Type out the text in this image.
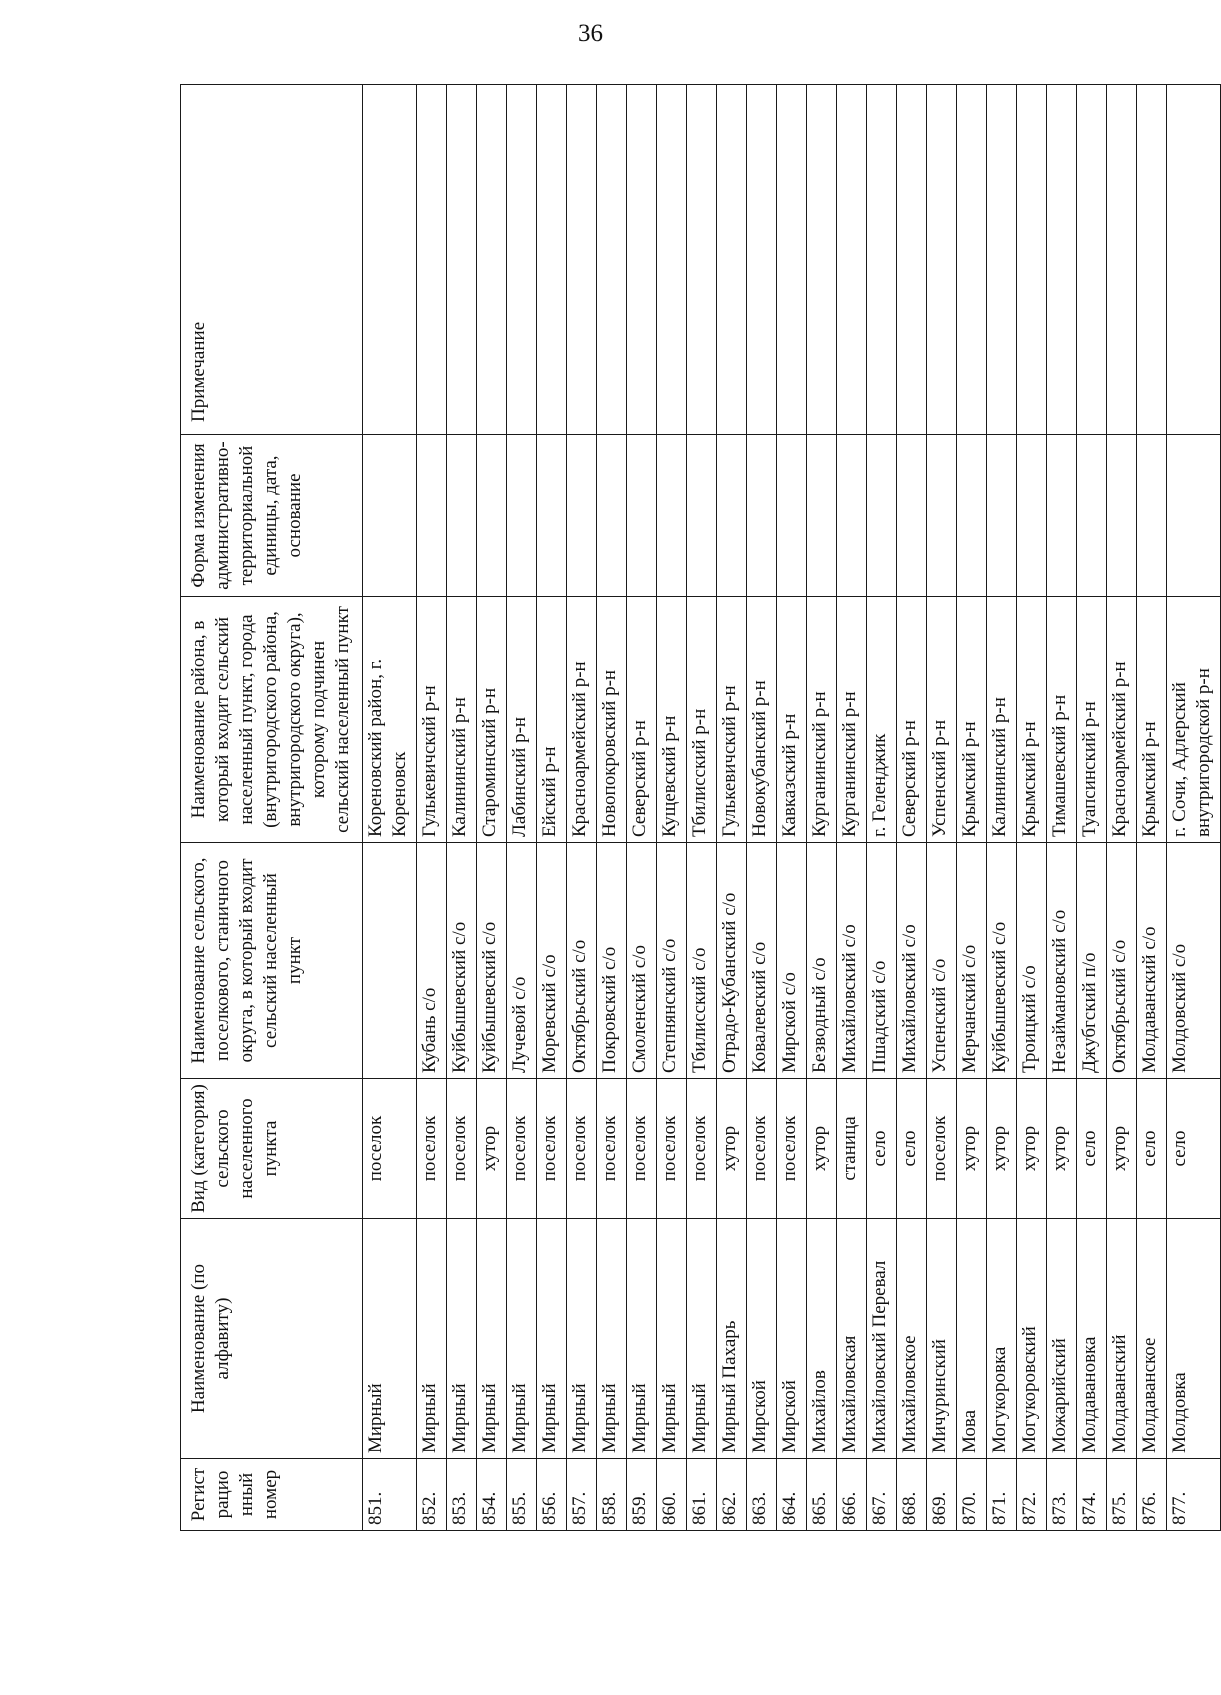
36
Регист рацио нный номер	Наименование (по алфавиту)	Вид (категория) сельского населенного пункта	Наименование сельского, поселкового, станичного округа, в который входит сельский населенный пункт	Наименование района, в который входит сельский населенный пункт, города (внутригородского района, внутригородского округа), которому подчинен сельский населенный пункт	Форма изменения административно-территориальной единицы, дата, основание	Примечание
851.	Мирный	поселок		Кореновский район, г. Кореновск		
852.	Мирный	поселок	Кубань с/о	Гулькевичский р-н		
853.	Мирный	поселок	Куйбышевский с/о	Калининский р-н		
854.	Мирный	хутор	Куйбышевский с/о	Староминский р-н		
855.	Мирный	поселок	Лучевой с/о	Лабинский р-н		
856.	Мирный	поселок	Моревский с/о	Ейский р-н		
857.	Мирный	поселок	Октябрьский с/о	Красноармейский р-н		
858.	Мирный	поселок	Покровский с/о	Новопокровский р-н		
859.	Мирный	поселок	Смоленский с/о	Северский р-н		
860.	Мирный	поселок	Степнянский с/о	Кущевский р-н		
861.	Мирный	поселок	Тбилисский с/о	Тбилисский р-н		
862.	Мирный Пахарь	хутор	Отрадо-Кубанский с/о	Гулькевичский р-н		
863.	Мирской	поселок	Ковалевский с/о	Новокубанский р-н		
864.	Мирской	поселок	Мирской с/о	Кавказский р-н		
865.	Михайлов	хутор	Безводный с/о	Курганинский р-н		
866.	Михайловская	станица	Михайловский с/о	Курганинский р-н		
867.	Михайловский Перевал	село	Пшадский с/о	г. Геленджик		
868.	Михайловское	село	Михайловский с/о	Северский р-н		
869.	Мичуринский	поселок	Успенский с/о	Успенский р-н		
870.	Мова	хутор	Мерчанский с/о	Крымский р-н		
871.	Могукоровка	хутор	Куйбышевский с/о	Калининский р-н		
872.	Могукоровский	хутор	Троицкий с/о	Крымский р-н		
873.	Можарийский	хутор	Незаймановский с/о	Тимашевский р-н		
874.	Молдавановка	село	Джубгский п/о	Туапсинский р-н		
875.	Молдаванский	хутор	Октябрьский с/о	Красноармейский р-н		
876.	Молдаванское	село	Молдаванский с/о	Крымский р-н		
877.	Молдовка	село	Молдовский с/о	г. Сочи, Адлерский внутригородской р-н		
